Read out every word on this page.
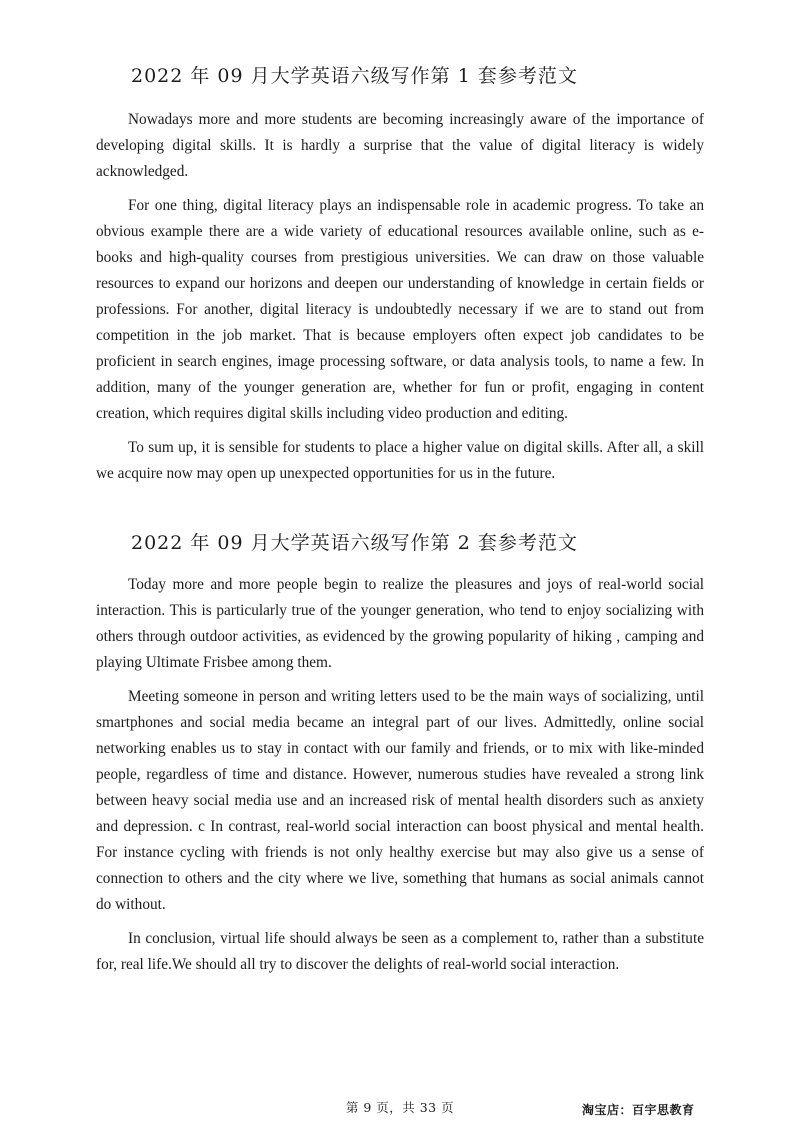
2022 年 09 月大学英语六级写作第 1 套参考范文

Nowadays more and more students are becoming increasingly aware of the importance of developing digital skills. It is hardly a surprise that the value of digital literacy is widely acknowledged.

For one thing, digital literacy plays an indispensable role in academic progress. To take an obvious example there are a wide variety of educational resources available online, such as e-books and high-quality courses from prestigious universities. We can draw on those valuable resources to expand our horizons and deepen our understanding of knowledge in certain fields or professions. For another, digital literacy is undoubtedly necessary if we are to stand out from competition in the job market. That is because employers often expect job candidates to be proficient in search engines, image processing software, or data analysis tools, to name a few. In addition, many of the younger generation are, whether for fun or profit, engaging in content creation, which requires digital skills including video production and editing.

To sum up, it is sensible for students to place a higher value on digital skills. After all, a skill we acquire now may open up unexpected opportunities for us in the future.

2022 年 09 月大学英语六级写作第 2 套参考范文

Today more and more people begin to realize the pleasures and joys of real-world social interaction. This is particularly true of the younger generation, who tend to enjoy socializing with others through outdoor activities, as evidenced by the growing popularity of hiking , camping and playing Ultimate Frisbee among them.

Meeting someone in person and writing letters used to be the main ways of socializing, until smartphones and social media became an integral part of our lives. Admittedly, online social networking enables us to stay in contact with our family and friends, or to mix with like-minded people, regardless of time and distance. However, numerous studies have revealed a strong link between heavy social media use and an increased risk of mental health disorders such as anxiety and depression. c In contrast, real-world social interaction can boost physical and mental health. For instance cycling with friends is not only healthy exercise but may also give us a sense of connection to others and the city where we live, something that humans as social animals cannot do without.

In conclusion, virtual life should always be seen as a complement to, rather than a substitute for, real life.We should all try to discover the delights of real-world social interaction.

第 9 页，共 33 页	淘宝店：百宇思教育
